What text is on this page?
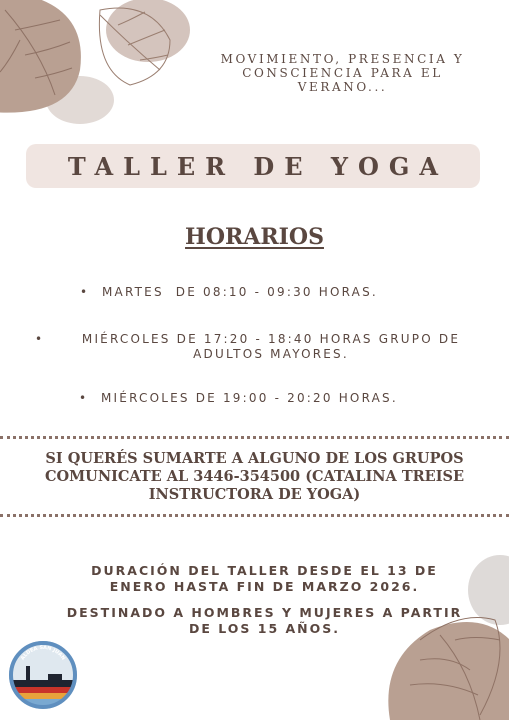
MOVIMIENTO, PRESENCIA Y
CONSCIENCIA PARA EL
VERANO...
TALLER DE YOGA
HORARIOS
• MARTES  DE 08:10 - 09:30 HORAS.
•	MIÉRCOLES DE 17:20 - 18:40 HORAS GRUPO DE
ADULTOS MAYORES.
• MIÉRCOLES DE 19:00 - 20:20 HORAS.
SI QUERÉS SUMARTE A ALGUNO DE LOS GRUPOS
COMUNICATE AL 3446-354500 (CATALINA TREISE
INSTRUCTORA DE YOGA)
DURACIÓN DEL TALLER DESDE EL 13 DE
ENERO HASTA FIN DE MARZO 2026.
DESTINADO A HOMBRES Y MUJERES A PARTIR
DE LOS 15 AÑOS.
ALDEA SAN JUAN
